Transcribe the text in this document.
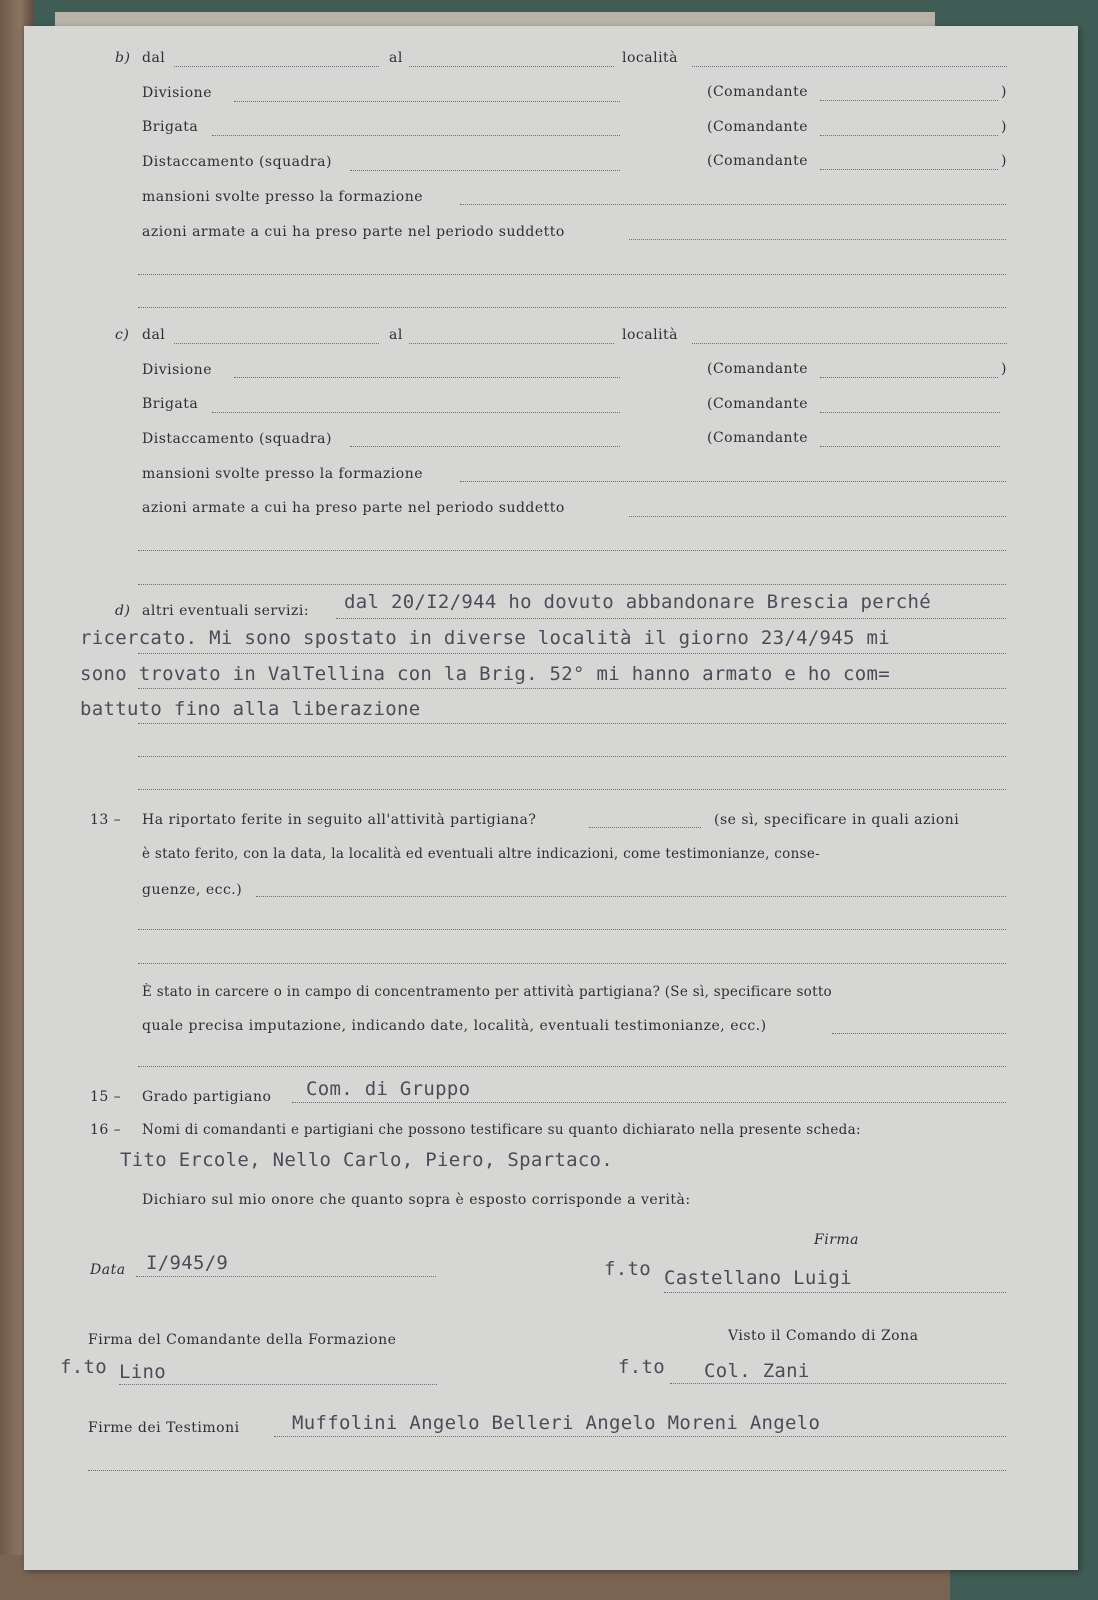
b) dal	al	località
Divisione	(Comandante	)
Brigata	(Comandante	)
Distaccamento (squadra)	(Comandante	)
mansioni svolte presso la formazione
azioni armate a cui ha preso parte nel periodo suddetto
c) dal	al	località
Divisione	(Comandante	)
Brigata	(Comandante
Distaccamento (squadra)	(Comandante
mansioni svolte presso la formazione
azioni armate a cui ha preso parte nel periodo suddetto
d) altri eventuali servizi: dal 20/I2/944 ho dovuto abbandonare Brescia perché
ricercato. Mi sono spostato in diverse località il giorno 23/4/945 mi
sono trovato in ValTellina con la Brig. 52° mi hanno armato e ho com=
battuto fino alla liberazione
13 – Ha riportato ferite in seguito all'attività partigiana?	(se sì, specificare in quali azioni
è stato ferito, con la data, la località ed eventuali altre indicazioni, come testimonianze, conse-
guenze, ecc.)
È stato in carcere o in campo di concentramento per attività partigiana? (Se sì, specificare sotto
quale precisa imputazione, indicando date, località, eventuali testimonianze, ecc.)
15 – Grado partigiano Com. di Gruppo
16 – Nomi di comandanti e partigiani che possono testificare su quanto dichiarato nella presente scheda:
Tito Ercole, Nello Carlo, Piero, Spartaco.
Dichiaro sul mio onore che quanto sopra è esposto corrisponde a verità:
Firma
Data I/945/9	f.to Castellano Luigi
Firma del Comandante della Formazione	Visto il Comando di Zona
f.to Lino	f.to Col. Zani
Firme dei Testimoni	Muffolini Angelo Belleri Angelo Moreni Angelo
